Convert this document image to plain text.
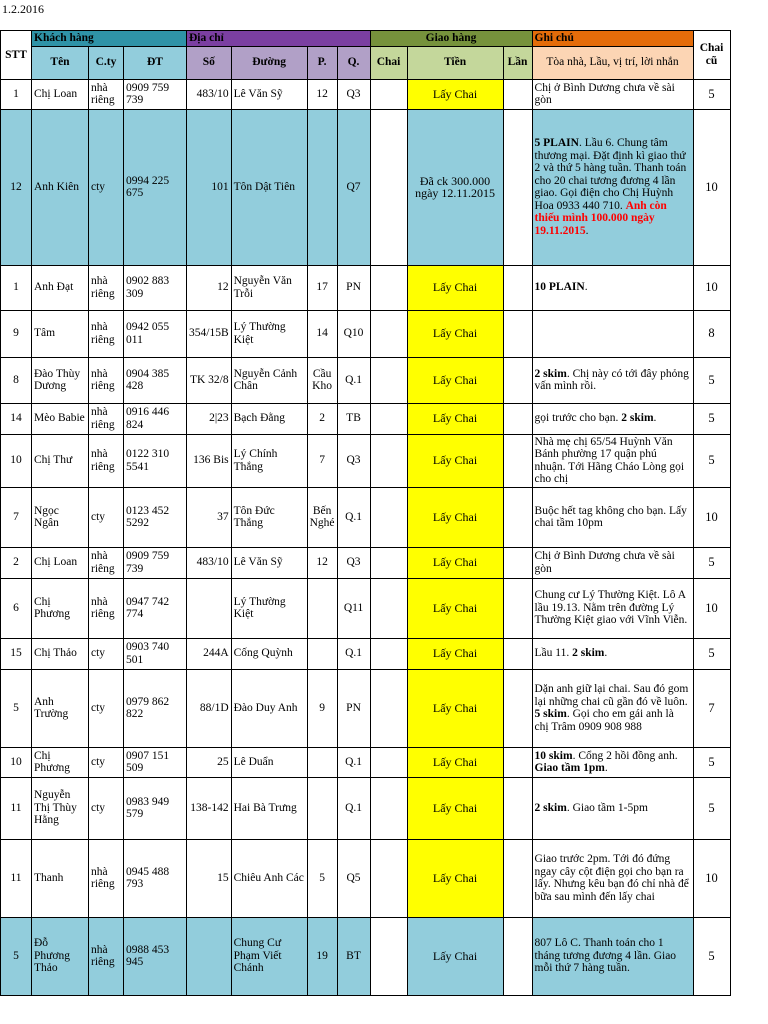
1.2.2016
STT	Khách hàng			Địa chỉ				Giao hàng			Ghi chú	Chai cũ
	Tên	C.ty	ĐT	Số	Đường	P.	Q.	Chai	Tiền	Lần	Tòa nhà, Lầu, vị trí, lời nhắn	
1	Chị Loan	nhà riêng	0909 759 739	483/10	Lê Văn Sỹ	12	Q3		Lấy Chai		Chị ở Bình Dương chưa về sài gòn	5
12	Anh Kiên	cty	0994 225 675	101	Tôn Dật Tiên		Q7		Đã ck 300.000 ngày 12.11.2015		5 PLAIN. Lầu 6. Chung tâm thương mại. Đặt định kì giao thứ 2 và thứ 5 hàng tuần. Thanh toán cho 20 chai tương đương 4 lần giao. Gọi điện cho Chị Huỳnh Hoa 0933 440 710. Anh còn thiếu mình 100.000 ngày 19.11.2015.	10
1	Anh Đạt	nhà riêng	0902 883 309	12	Nguyễn Văn Trỗi	17	PN		Lấy Chai		10 PLAIN.	10
9	Tâm	nhà riêng	0942 055 011	354/15B	Lý Thường Kiệt	14	Q10		Lấy Chai			8
8	Đào Thùy Dương	nhà riêng	0904 385 428	TK 32/8	Nguyễn Cảnh Chân	Cầu Kho	Q.1		Lấy Chai		2 skim. Chị này có tới đây phỏng vấn mình rồi.	5
14	Mèo Babie	nhà riêng	0916 446 824	2|23	Bạch Đằng	2	TB		Lấy Chai		gọi trước cho bạn. 2 skim.	5
10	Chị Thư	nhà riêng	0122 310 5541	136 Bis	Lý Chính Thắng	7	Q3		Lấy Chai		Nhà mẹ chị 65/54 Huỳnh Văn Bánh phường 17 quận phú nhuận. Tới Hãng Cháo Lòng gọi cho chị	5
7	Ngọc Ngân	cty	0123 452 5292	37	Tôn Đức Thắng	Bến Nghé	Q.1		Lấy Chai		Buộc hết tag không cho bạn. Lấy chai tầm 10pm	10
2	Chị Loan	nhà riêng	0909 759 739	483/10	Lê Văn Sỹ	12	Q3		Lấy Chai		Chị ở Bình Dương chưa về sài gòn	5
6	Chị Phương	nhà riêng	0947 742 774		Lý Thường Kiệt		Q11		Lấy Chai		Chung cư Lý Thường Kiệt. Lô A lầu 19.13. Nằm trên đường Lý Thường Kiệt giao với Vĩnh Viễn.	10
15	Chị Thảo	cty	0903 740 501	244A	Cống Quỳnh		Q.1		Lấy Chai		Lầu 11. 2 skim.	5
5	Anh Trường	cty	0979 862 822	88/1D	Đào Duy Anh	9	PN		Lấy Chai		Dặn anh giữ lại chai. Sau đó gom lại những chai cũ gần đó về luôn. 5 skim. Gọi cho em gái anh là chị Trâm 0909 908 988	7
10	Chị Phương	cty	0907 151 509	25	Lê Duẩn		Q.1		Lấy Chai		10 skim. Cổng 2 hồi đồng anh. Giao tầm 1pm.	5
11	Nguyễn Thị Thùy Hằng	cty	0983 949 579	138-142	Hai Bà Trưng		Q.1		Lấy Chai		2 skim. Giao tầm 1-5pm	5
11	Thanh	nhà riêng	0945 488 793	15	Chiêu Anh Các	5	Q5		Lấy Chai		Giao trước 2pm. Tới đó đứng ngay cây cột điện gọi cho bạn ra lấy. Nhưng kêu bạn đó chỉ nhà để bữa sau mình đến lấy chai	10
5	Đỗ Phương Thảo	nhà riêng	0988 453 945		Chung Cư Phạm Viết Chánh	19	BT		Lấy Chai		807 Lô C. Thanh toán cho 1 tháng tương đương 4 lần. Giao mỗi thứ 7 hàng tuần.	5
